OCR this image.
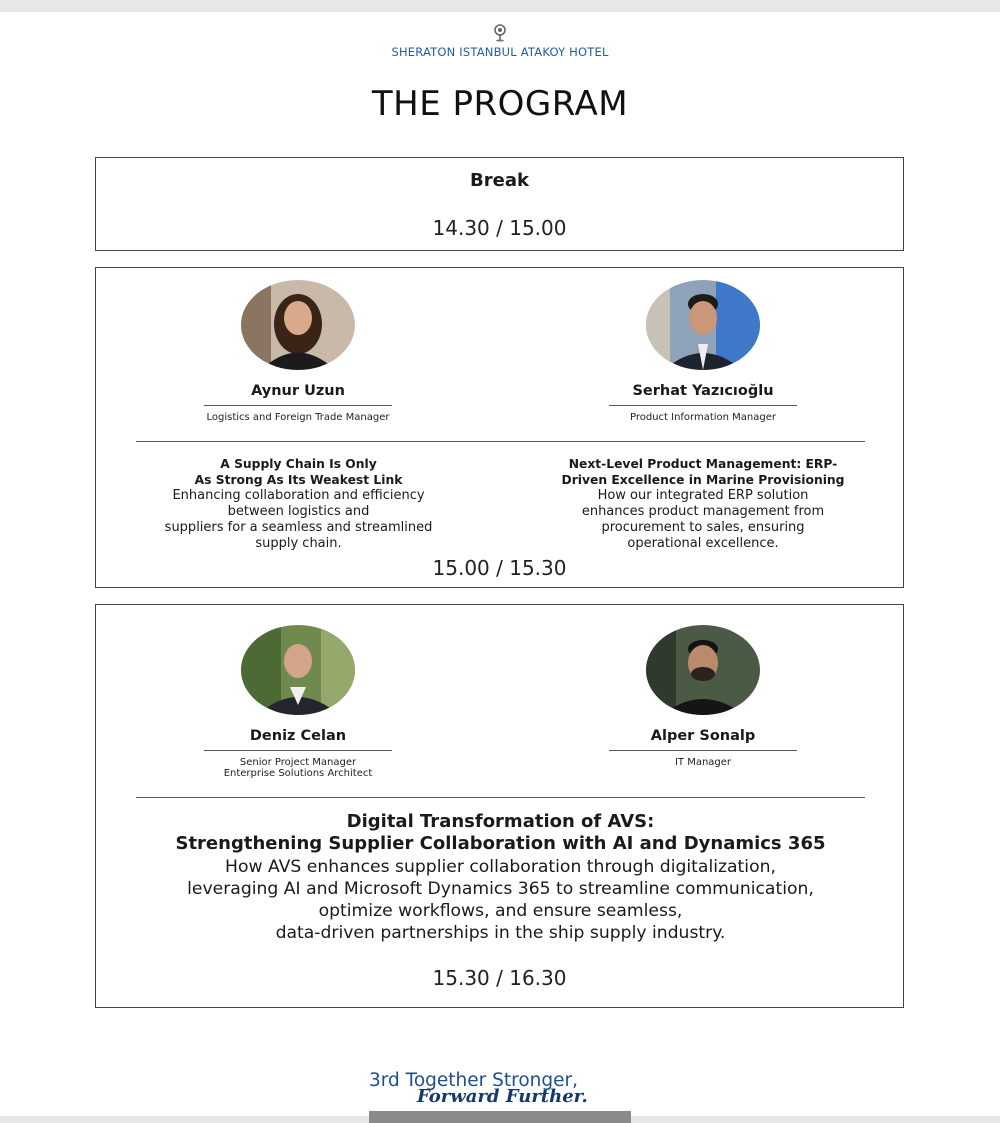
SHERATON ISTANBUL ATAKOY HOTEL
THE PROGRAM
Break
14.30 / 15.00
Aynur Uzun
Logistics and Foreign Trade Manager
Serhat Yazıcıoğlu
Product Information Manager
A Supply Chain Is Only
As Strong As Its Weakest Link
Enhancing collaboration and efficiency
between logistics and
suppliers for a seamless and streamlined
supply chain.
Next-Level Product Management: ERP-
Driven Excellence in Marine Provisioning
How our integrated ERP solution
enhances product management from
procurement to sales, ensuring
operational excellence.
15.00 / 15.30
Deniz Celan
Senior Project Manager
Enterprise Solutions Architect
Alper Sonalp
IT Manager
Digital Transformation of AVS:
Strengthening Supplier Collaboration with AI and Dynamics 365
How AVS enhances supplier collaboration through digitalization,
leveraging AI and Microsoft Dynamics 365 to streamline communication,
optimize workflows, and ensure seamless,
data-driven partnerships in the ship supply industry.
15.30 / 16.30
3rd Together Stronger,
Forward Further.
